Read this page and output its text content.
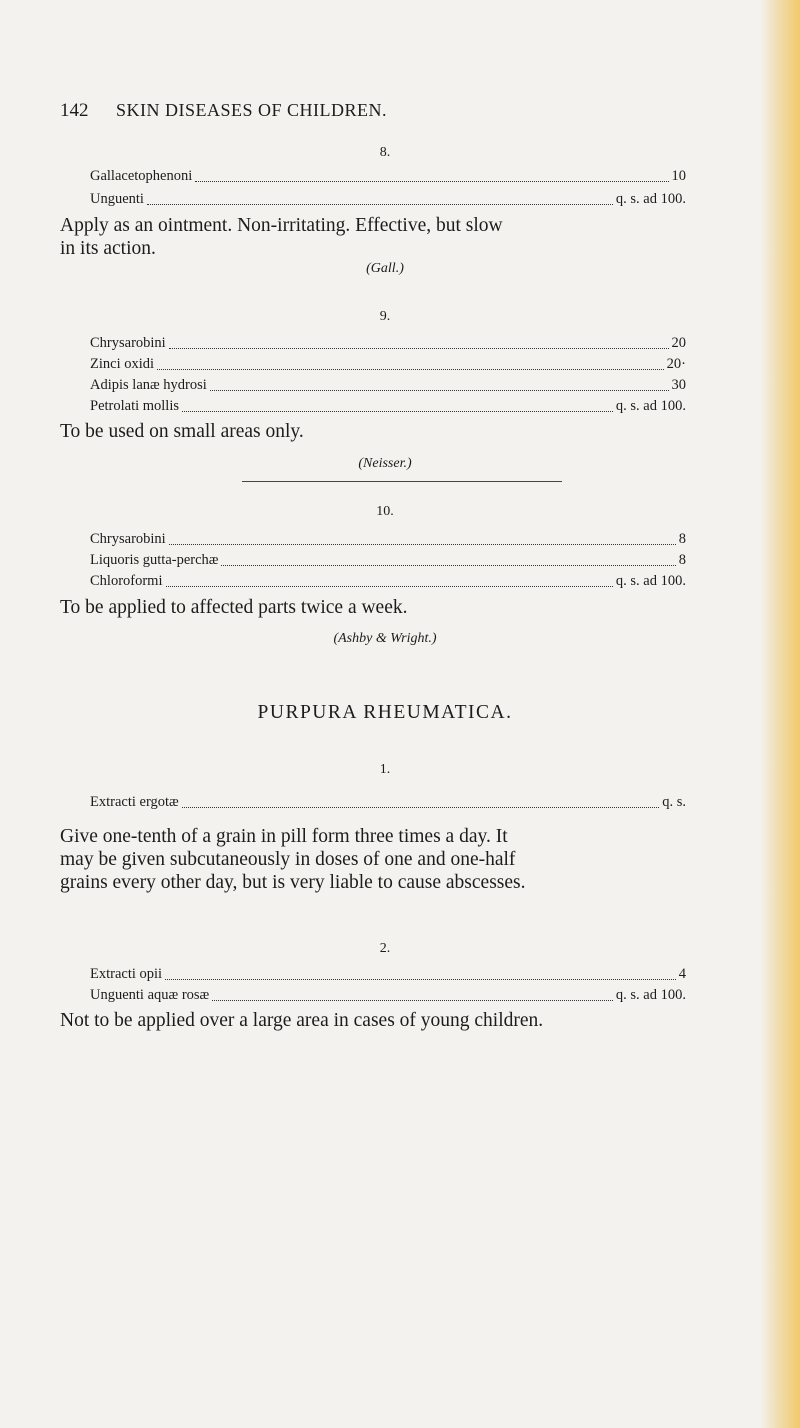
142 SKIN DISEASES OF CHILDREN.
8.
Gallacetophenoni	10
Unguenti	q. s. ad 100.
Apply as an ointment. Non-irritating. Effective, but slow
in its action.
(Gall.)
9.
Chrysarobini	20
Zinci oxidi	20·
Adipis lanæ hydrosi	30
Petrolati mollis	q. s. ad 100.
To be used on small areas only.
(Neisser.)
10.
Chrysarobini	8
Liquoris gutta-perchæ	8
Chloroformi	q. s. ad 100.
To be applied to affected parts twice a week.
(Ashby & Wright.)
PURPURA RHEUMATICA.
1.
Extracti ergotæ	q. s.
Give one-tenth of a grain in pill form three times a day. It
may be given subcutaneously in doses of one and one-half
grains every other day, but is very liable to cause abscesses.
2.
Extracti opii	4
Unguenti aquæ rosæ	q. s. ad 100.
Not to be applied over a large area in cases of young children.
